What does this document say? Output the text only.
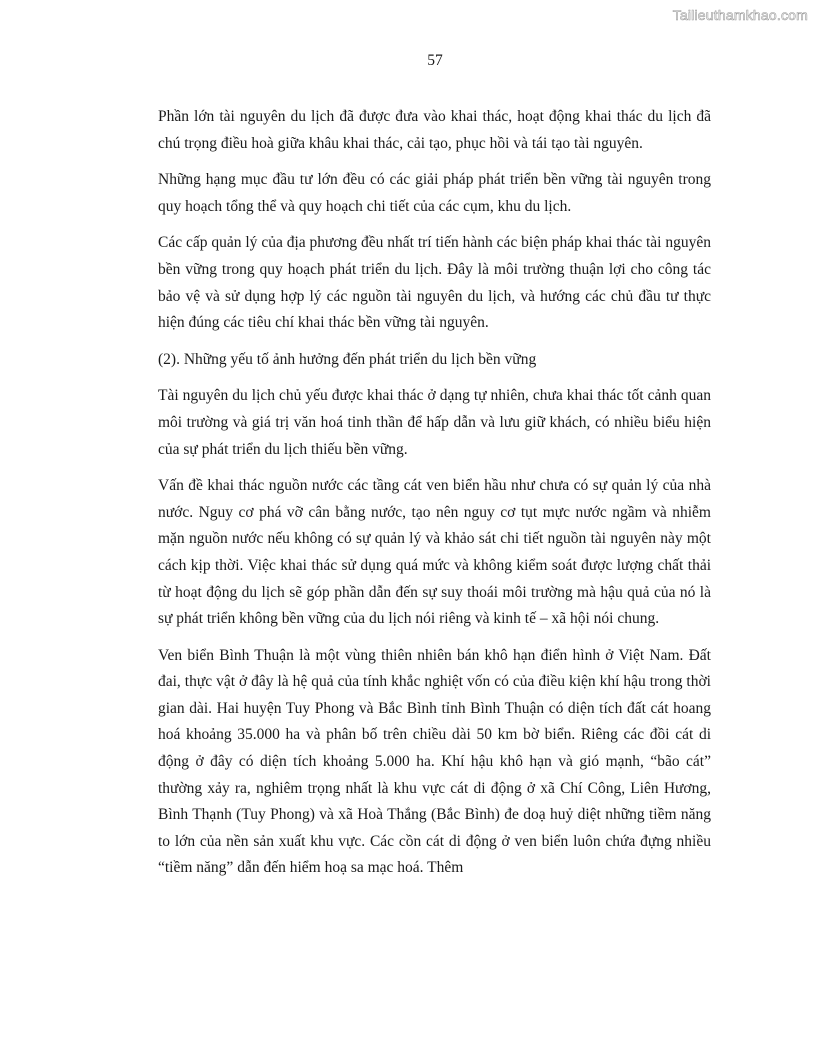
Tailieuthamkhao.com
57

Phần lớn tài nguyên du lịch đã được đưa vào khai thác, hoạt động khai thác du lịch đã chú trọng điều hoà giữa khâu khai thác, cải tạo, phục hồi và tái tạo tài nguyên.

Những hạng mục đầu tư lớn đều có các giải pháp phát triển bền vững tài nguyên trong quy hoạch tổng thể và quy hoạch chi tiết của các cụm, khu du lịch.

Các cấp quản lý của địa phương đều nhất trí tiến hành các biện pháp khai thác tài nguyên bền vững trong quy hoạch phát triển du lịch. Đây là môi trường thuận lợi cho công tác bảo vệ và sử dụng hợp lý các nguồn tài nguyên du lịch, và hướng các chủ đầu tư thực hiện đúng các tiêu chí khai thác bền vững tài nguyên.

(2). Những yếu tố ảnh hưởng đến phát triển du lịch bền vững

Tài nguyên du lịch chủ yếu được khai thác ở dạng tự nhiên, chưa khai thác tốt cảnh quan môi trường và giá trị văn hoá tinh thần để hấp dẫn và lưu giữ khách, có nhiều biểu hiện của sự phát triển du lịch thiếu bền vững.

Vấn đề khai thác nguồn nước các tầng cát ven biển hầu như chưa có sự quản lý của nhà nước. Nguy cơ phá vỡ cân bằng nước, tạo nên nguy cơ tụt mực nước ngầm và nhiễm mặn nguồn nước nếu không có sự quản lý và khảo sát chi tiết nguồn tài nguyên này một cách kịp thời. Việc khai thác sử dụng quá mức và không kiểm soát được lượng chất thải từ hoạt động du lịch sẽ góp phần dẫn đến sự suy thoái môi trường mà hậu quả của nó là sự phát triển không bền vững của du lịch nói riêng và kinh tế – xã hội nói chung.

Ven biển Bình Thuận là một vùng thiên nhiên bán khô hạn điển hình ở Việt Nam. Đất đai, thực vật ở đây là hệ quả của tính khắc nghiệt vốn có của điều kiện khí hậu trong thời gian dài. Hai huyện Tuy Phong và Bắc Bình tỉnh Bình Thuận có diện tích đất cát hoang hoá khoảng 35.000 ha và phân bố trên chiều dài 50 km bờ biển. Riêng các đồi cát di động ở đây có diện tích khoảng 5.000 ha. Khí hậu khô hạn và gió mạnh, “bão cát” thường xảy ra, nghiêm trọng nhất là khu vực cát di động ở xã Chí Công, Liên Hương, Bình Thạnh (Tuy Phong) và xã Hoà Thắng (Bắc Bình) đe doạ huỷ diệt những tiềm năng to lớn của nền sản xuất khu vực. Các cồn cát di động ở ven biển luôn chứa đựng nhiều “tiềm năng” dẫn đến hiểm hoạ sa mạc hoá. Thêm
